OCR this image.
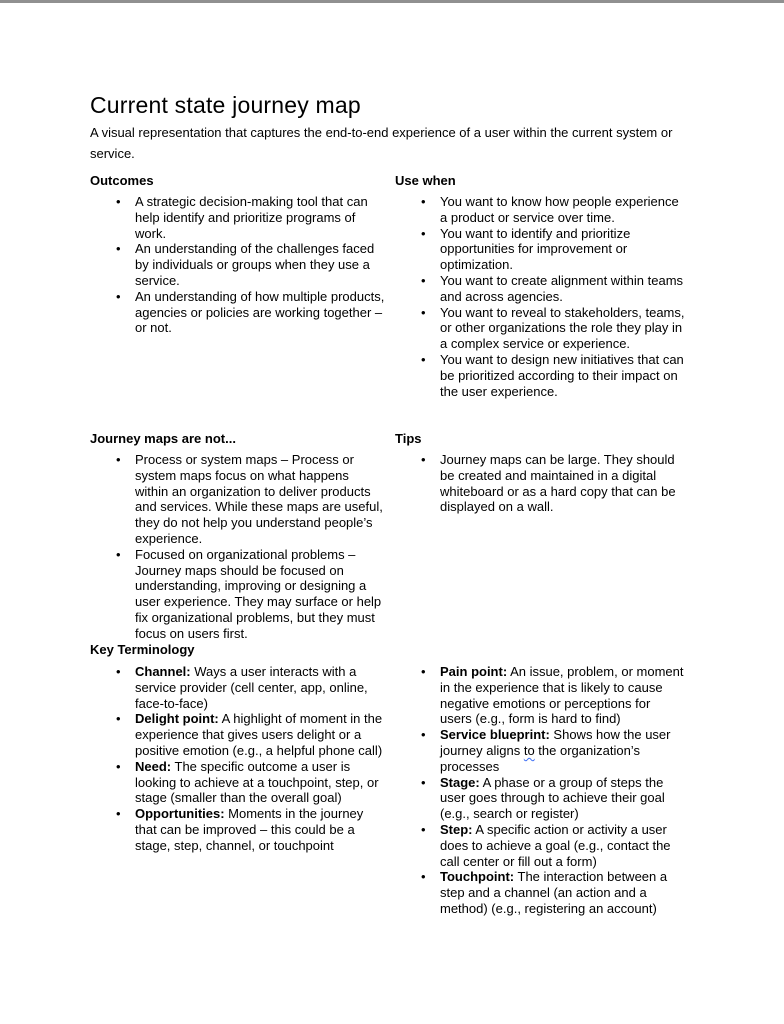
Current state journey map

A visual representation that captures the end-to-end experience of a user within the current system or service.

Outcomes
• A strategic decision-making tool that can help identify and prioritize programs of work.
• An understanding of the challenges faced by individuals or groups when they use a service.
• An understanding of how multiple products, agencies or policies are working together – or not.
Use when
• You want to know how people experience a product or service over time.
• You want to identify and prioritize opportunities for improvement or optimization.
• You want to create alignment within teams and across agencies.
• You want to reveal to stakeholders, teams, or other organizations the role they play in a complex service or experience.
• You want to design new initiatives that can be prioritized according to their impact on the user experience.
Journey maps are not...
• Process or system maps – Process or system maps focus on what happens within an organization to deliver products and services. While these maps are useful, they do not help you understand people’s experience.
• Focused on organizational problems – Journey maps should be focused on understanding, improving or designing a user experience. They may surface or help fix organizational problems, but they must focus on users first.
Key Terminology
Tips
• Journey maps can be large. They should be created and maintained in a digital whiteboard or as a hard copy that can be displayed on a wall.
• Channel: Ways a user interacts with a service provider (cell center, app, online, face-to-face)
• Delight point: A highlight of moment in the experience that gives users delight or a positive emotion (e.g., a helpful phone call)
• Need: The specific outcome a user is looking to achieve at a touchpoint, step, or stage (smaller than the overall goal)
• Opportunities: Moments in the journey that can be improved – this could be a stage, step, channel, or touchpoint
• Pain point: An issue, problem, or moment in the experience that is likely to cause negative emotions or perceptions for users (e.g., form is hard to find)
• Service blueprint: Shows how the user journey aligns to the organization’s processes
• Stage: A phase or a group of steps the user goes through to achieve their goal (e.g., search or register)
• Step: A specific action or activity a user does to achieve a goal (e.g., contact the call center or fill out a form)
• Touchpoint: The interaction between a step and a channel (an action and a method) (e.g., registering an account)
